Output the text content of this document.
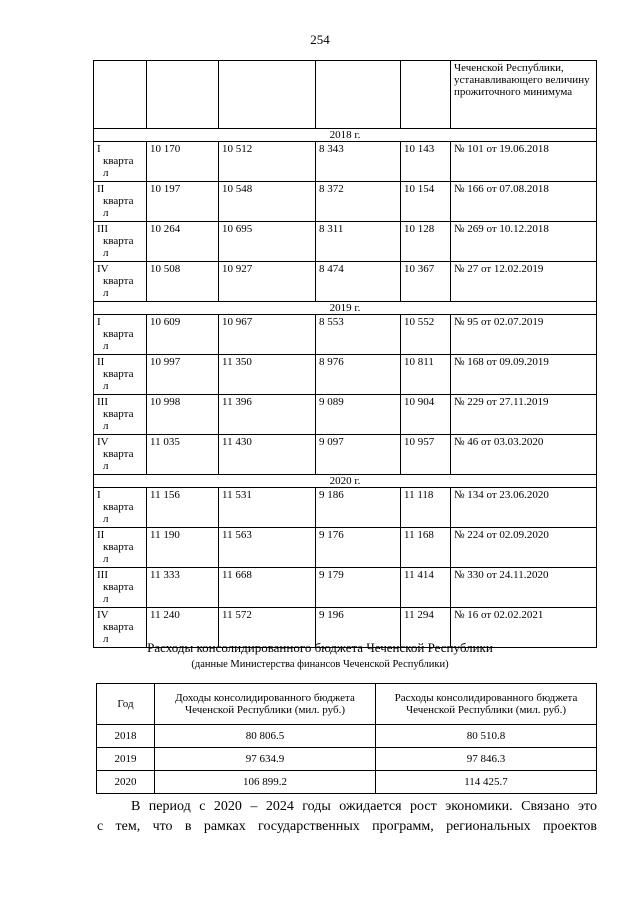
254
					Чеченской Республики, устанавливающего величину прожиточного минимума
2018 г.					

I
кварта
л	10 170	10 512	8 343	10 143	№ 101 от 19.06.2018

II
кварта
л	10 197	10 548	8 372	10 154	№ 166 от 07.08.2018

III
кварта
л	10 264	10 695	8 311	10 128	№ 269 от 10.12.2018

IV
кварта
л	10 508	10 927	8 474	10 367	№ 27 от 12.02.2019
2019 г.					

I
кварта
л	10 609	10 967	8 553	10 552	№ 95 от 02.07.2019

II
кварта
л	10 997	11 350	8 976	10 811	№ 168 от 09.09.2019

III
кварта
л	10 998	11 396	9 089	10 904	№ 229 от 27.11.2019

IV
кварта
л	11 035	11 430	9 097	10 957	№ 46 от 03.03.2020
2020 г.					

I
кварта
л	11 156	11 531	9 186	11 118	№ 134 от 23.06.2020

II
кварта
л	11 190	11 563	9 176	11 168	№ 224 от 02.09.2020

III
кварта
л	11 333	11 668	9 179	11 414	№ 330 от 24.11.2020

IV
кварта
л	11 240	11 572	9 196	11 294	№ 16 от 02.02.2021
Расходы консолидированного бюджета Чеченской Республики
(данные Министерства финансов Чеченской Республики)
Год	Доходы консолидированного бюджета Чеченской Республики (мил. руб.)	Расходы консолидированного бюджета Чеченской Республики (мил. руб.)
2018	80 806.5	80 510.8
2019	97 634.9	97 846.3
2020	106 899.2	114 425.7
В период с 2020 – 2024 годы ожидается рост экономики. Связано это
с тем, что в рамках государственных программ, региональных проектов
